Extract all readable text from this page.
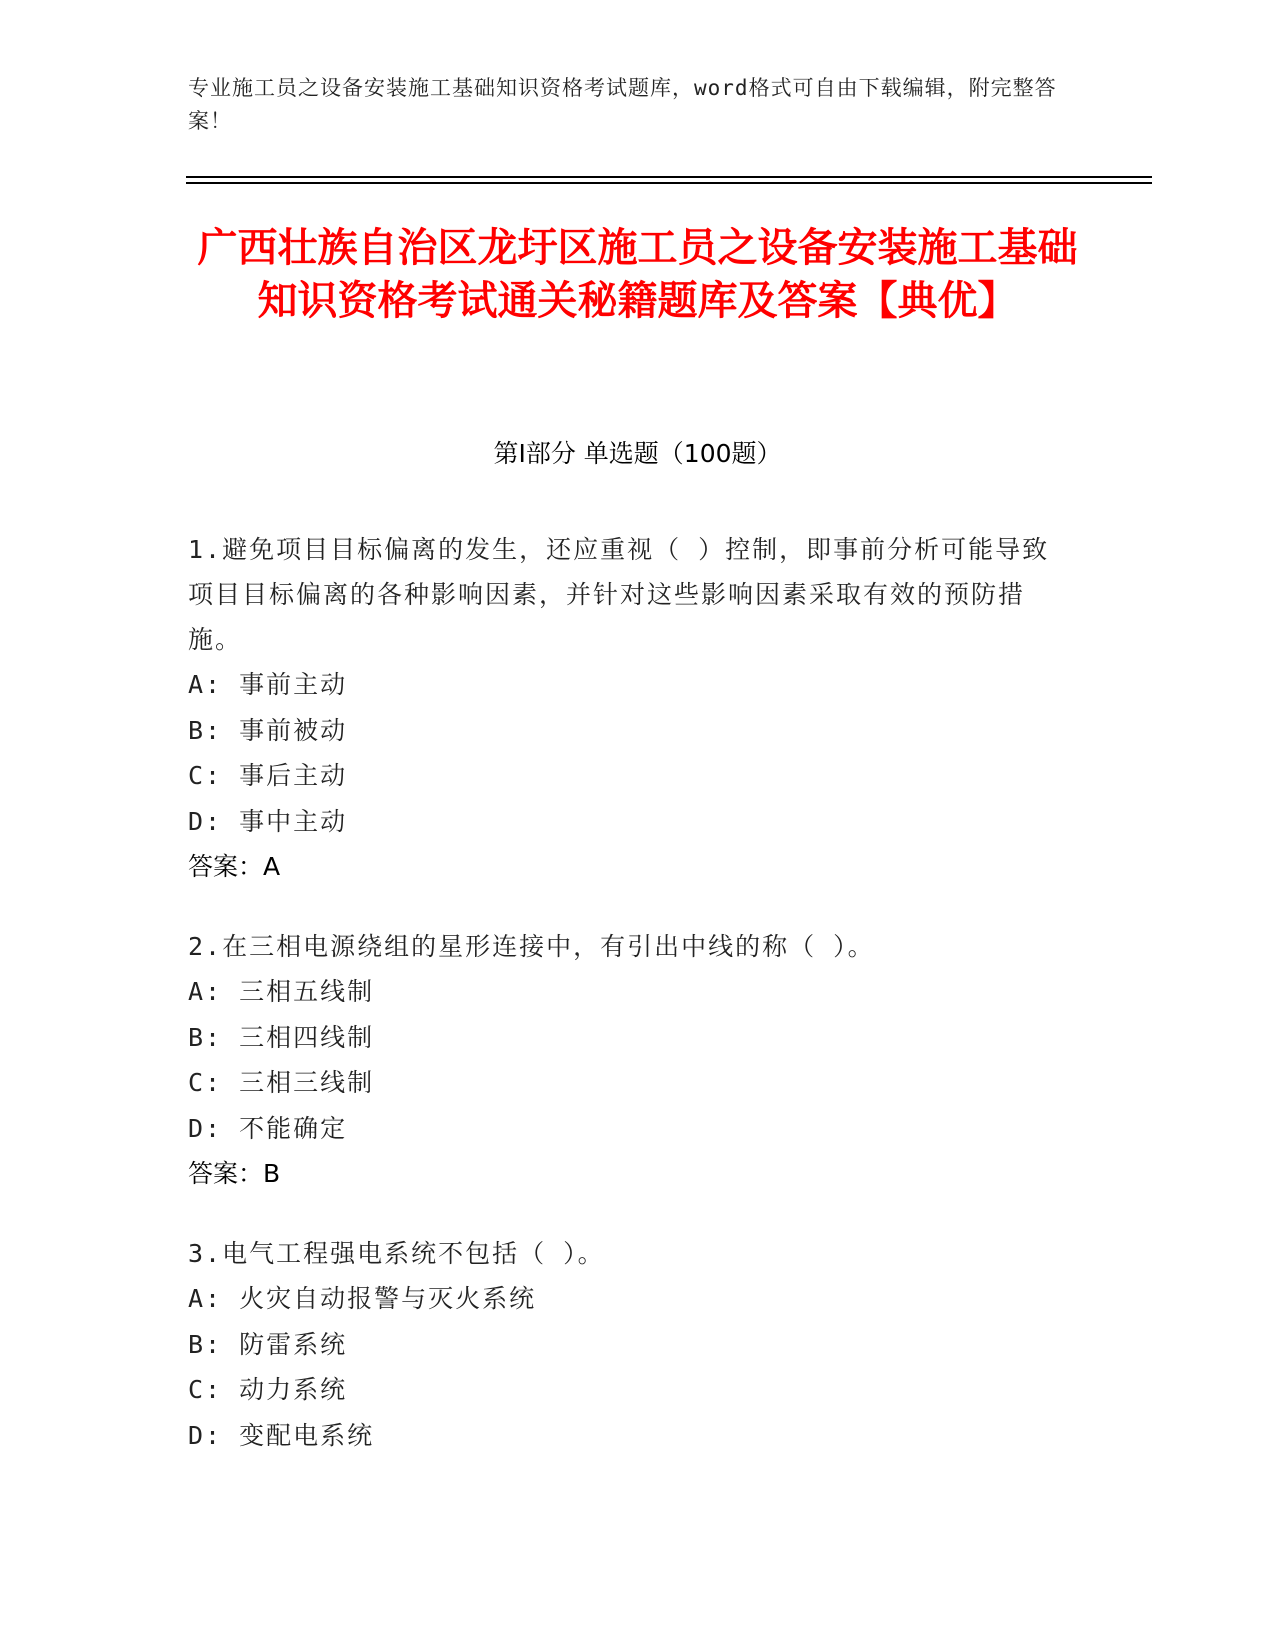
专业施工员之设备安装施工基础知识资格考试题库，word格式可自由下载编辑，附完整答案！
广西壮族自治区龙圩区施工员之设备安装施工基础知识资格考试通关秘籍题库及答案【典优】
第Ⅰ部分 单选题（100题）

1.避免项目目标偏离的发生，还应重视（ ）控制，即事前分析可能导致项目目标偏离的各种影响因素，并针对这些影响因素采取有效的预防措施。

A: 事前主动

B: 事前被动

C: 事后主动

D: 事中主动

答案：A

2.在三相电源绕组的星形连接中，有引出中线的称（ ）。

A: 三相五线制

B: 三相四线制

C: 三相三线制

D: 不能确定

答案：B

3.电气工程强电系统不包括（ ）。

A: 火灾自动报警与灭火系统

B: 防雷系统

C: 动力系统

D: 变配电系统
